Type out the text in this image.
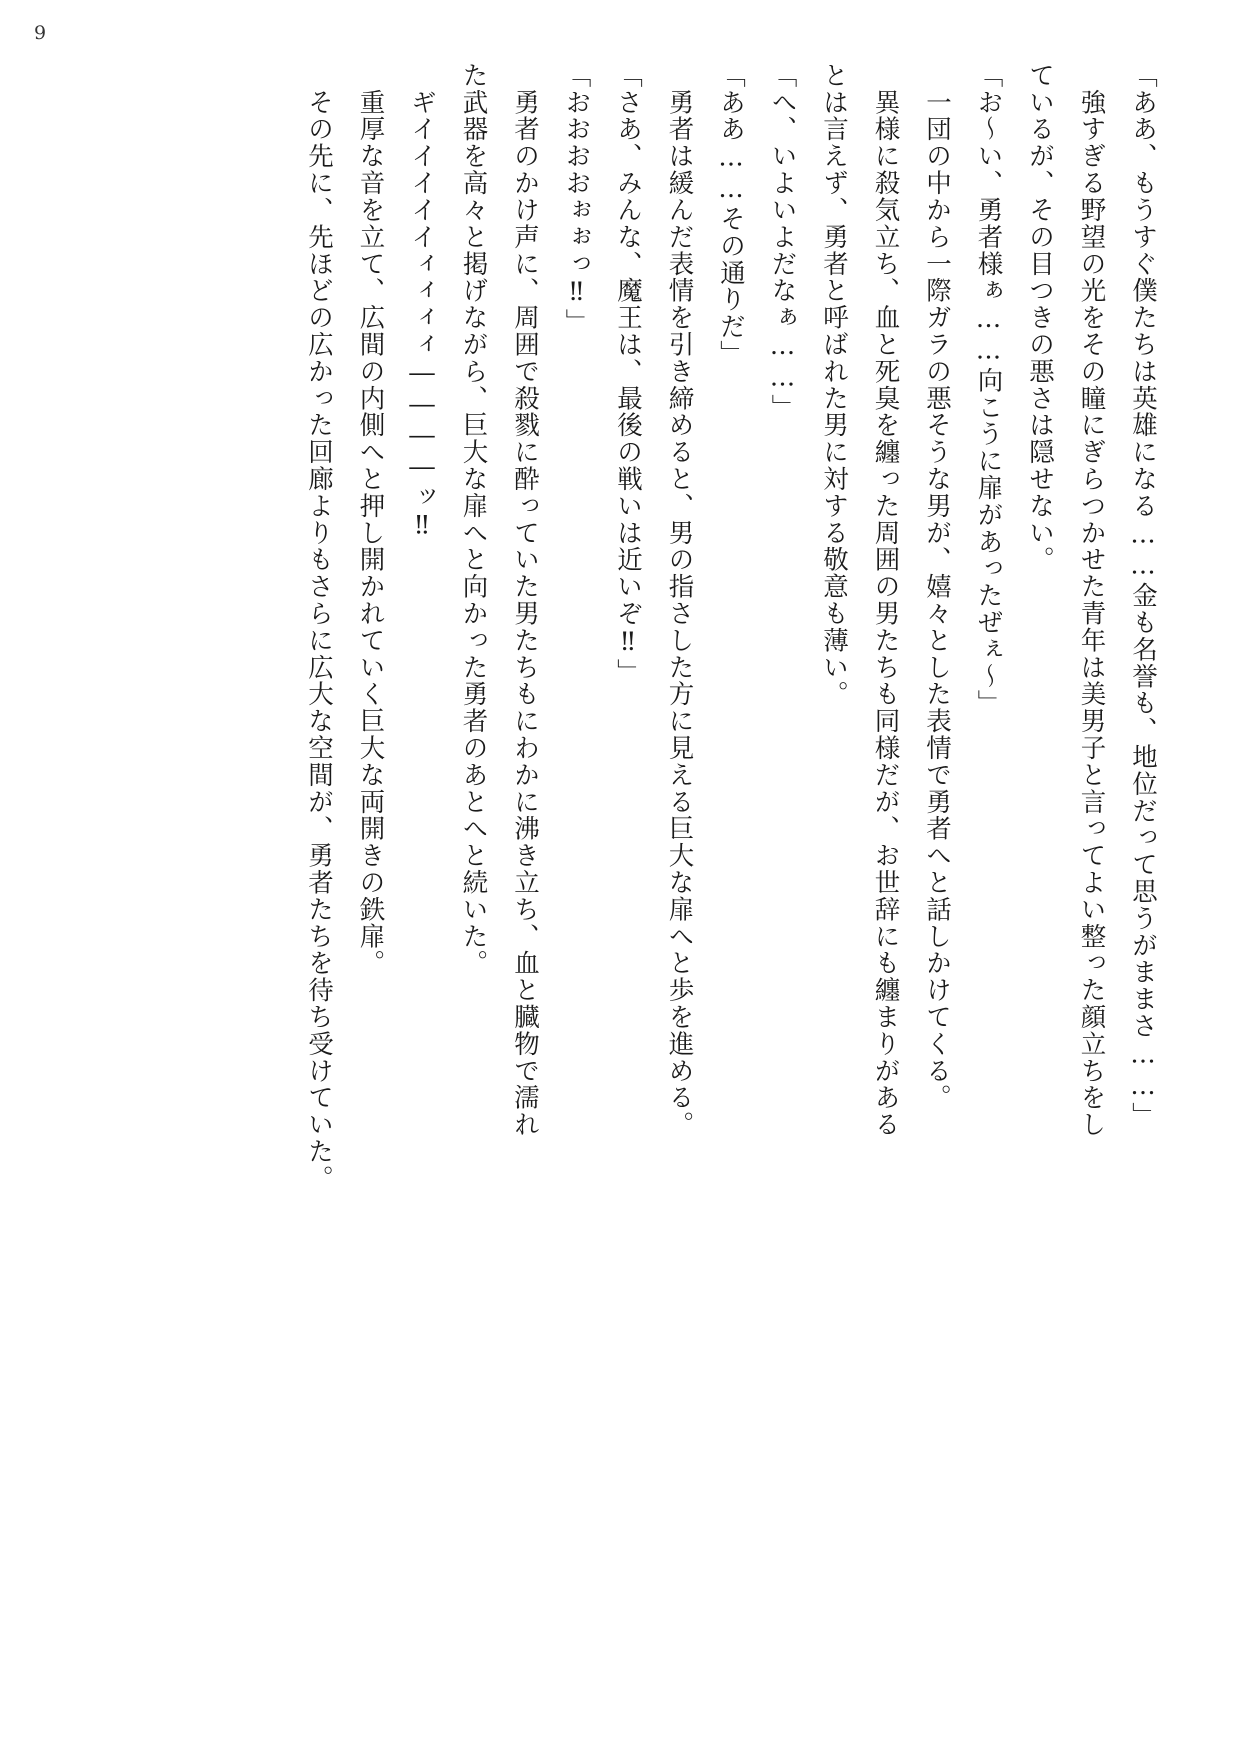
9

「ああ、もうすぐ僕たちは英雄になる……金も名誉も、地位だって思うがままさ……」

　強すぎる野望の光をその瞳にぎらつかせた青年は美男子と言ってよい整った顔立ちをし

ているが、その目つきの悪さは隠せない。

「お～い、勇者様ぁ……向こうに扉があったぜぇ～」

　一団の中から一際ガラの悪そうな男が、嬉々とした表情で勇者へと話しかけてくる。

　異様に殺気立ち、血と死臭を纏った周囲の男たちも同様だが、お世辞にも纏まりがある

とは言えず、勇者と呼ばれた男に対する敬意も薄い。

「へ、いよいよだなぁ……」

「ああ……その通りだ」

　勇者は緩んだ表情を引き締めると、男の指さした方に見える巨大な扉へと歩を進める。

「さあ、みんな、魔王は、最後の戦いは近いぞ‼」

「おおおおぉぉっ‼」

　勇者のかけ声に、周囲で殺戮に酔っていた男たちもにわかに沸き立ち、血と臓物で濡れ

た武器を高々と掲げながら、巨大な扉へと向かった勇者のあとへと続いた。

　ギイイイイイィィィィ――――ッ‼

　重厚な音を立て、広間の内側へと押し開かれていく巨大な両開きの鉄扉。

　その先に、先ほどの広かった回廊よりもさらに広大な空間が、勇者たちを待ち受けていた。
